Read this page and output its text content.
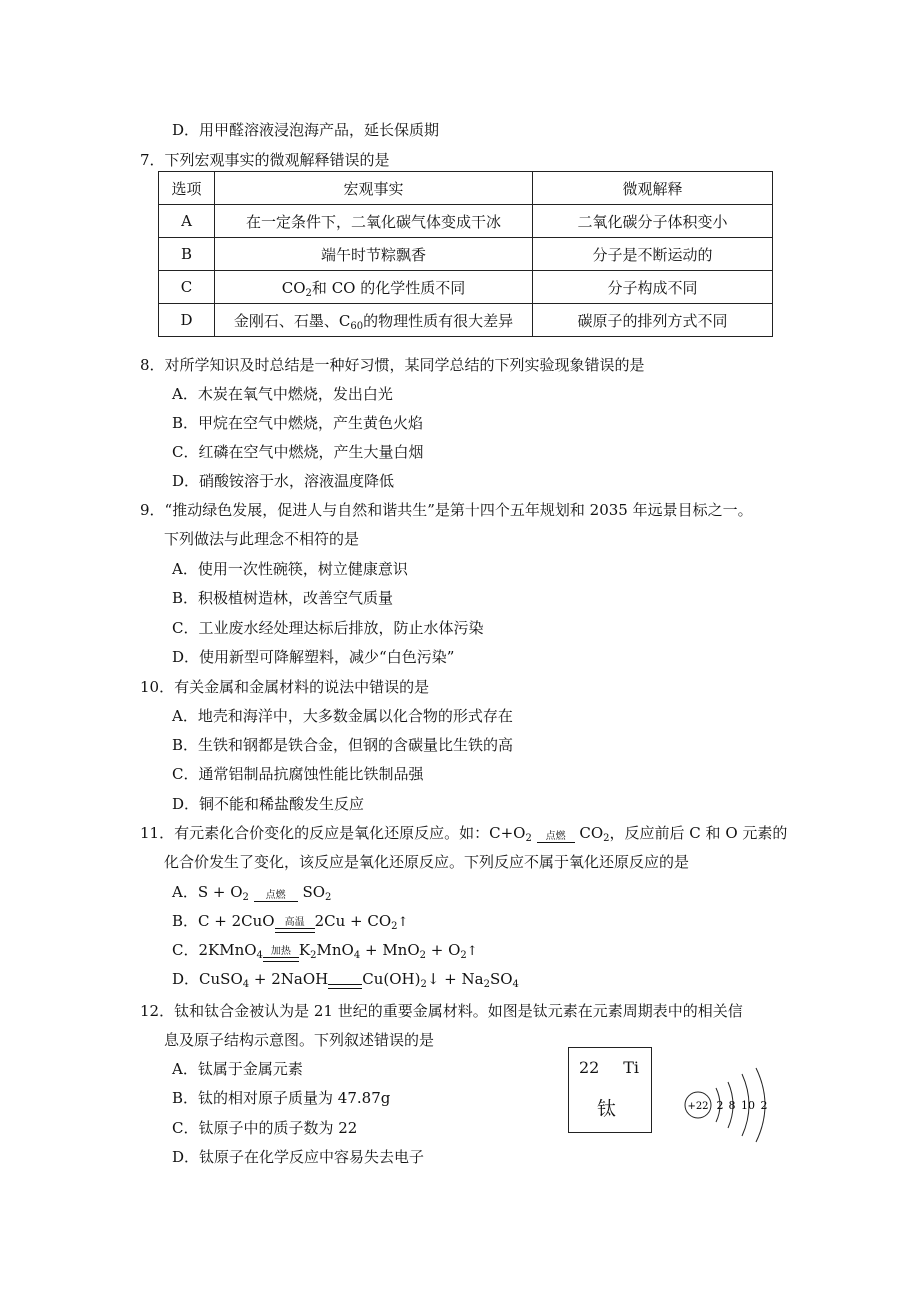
D．用甲醛溶液浸泡海产品，延长保质期
7．下列宏观事实的微观解释错误的是
选项	宏观事实	微观解释
A	在一定条件下，二氧化碳气体变成干冰	二氧化碳分子体积变小
B	端午时节粽飘香	分子是不断运动的
C	$CO_2$和 CO 的化学性质不同	分子构成不同
D	金刚石、石墨、$C_{60}$的物理性质有很大差异	碳原子的排列方式不同
8．对所学知识及时总结是一种好习惯，某同学总结的下列实验现象错误的是
A．木炭在氧气中燃烧，发出白光
B．甲烷在空气中燃烧，产生黄色火焰
C．红磷在空气中燃烧，产生大量白烟
D．硝酸铵溶于水，溶液温度降低
9．“推动绿色发展，促进人与自然和谐共生”是第十四个五年规划和 2035 年远景目标之一。
下列做法与此理念不相符的是
A．使用一次性碗筷，树立健康意识
B．积极植树造林，改善空气质量
C．工业废水经处理达标后排放，防止水体污染
D．使用新型可降解塑料，减少“白色污染”
10．有关金属和金属材料的说法中错误的是
A．地壳和海洋中，大多数金属以化合物的形式存在
B．生铁和钢都是铁合金，但钢的含碳量比生铁的高
C．通常铝制品抗腐蚀性能比铁制品强
D．铜不能和稀盐酸发生反应
11．有元素化合价变化的反应是氧化还原反应。如：$C+O_2$	点燃 $CO_2$，反应前后 C 和 O 元素的
化合价发生了变化，该反应是氧化还原反应。下列反应不属于氧化还原反应的是
A．$S + O_2$	点燃	$SO_2$
B．C + 2CuO	高温 $2Cu + CO_2↑$
C．2KMnO$_4$ 加热 $K_2MnO_4 + MnO_2$ + $O_2↑$
D．CuSO$_4$ + 2NaOH $Cu(OH)_2↓ + Na_2SO_4$
12．钛和钛合金被认为是 21 世纪的重要金属材料。如图是钛元素在元素周期表中的相关信
息及原子结构示意图。下列叙述错误的是
A．钛属于金属元素
B．钛的相对原子质量为 47.87g
C．钛原子中的质子数为 22
D．钛原子在化学反应中容易失去电子
22 Ti
钛	+22 2 8 10 2
